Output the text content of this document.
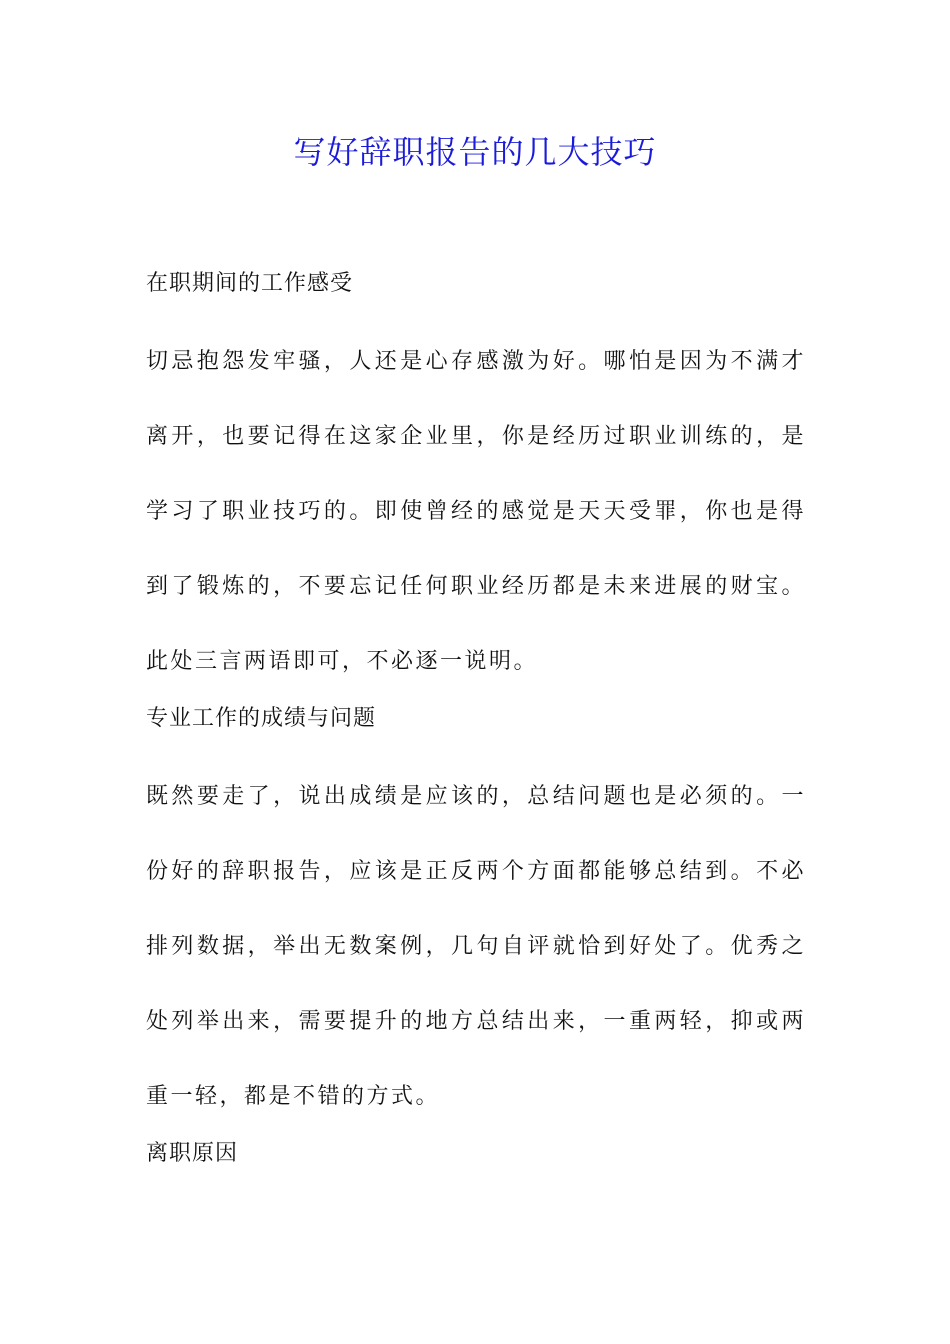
写好辞职报告的几大技巧

在职期间的工作感受

切忌抱怨发牢骚，人还是心存感激为好。哪怕是因为不满才离开，也要记得在这家企业里，你是经历过职业训练的，是学习了职业技巧的。即使曾经的感觉是天天受罪，你也是得到了锻炼的，不要忘记任何职业经历都是未来进展的财宝。此处三言两语即可，不必逐一说明。

专业工作的成绩与问题

既然要走了，说出成绩是应该的，总结问题也是必须的。一份好的辞职报告，应该是正反两个方面都能够总结到。不必排列数据，举出无数案例，几句自评就恰到好处了。优秀之处列举出来，需要提升的地方总结出来，一重两轻，抑或两重一轻，都是不错的方式。

离职原因
